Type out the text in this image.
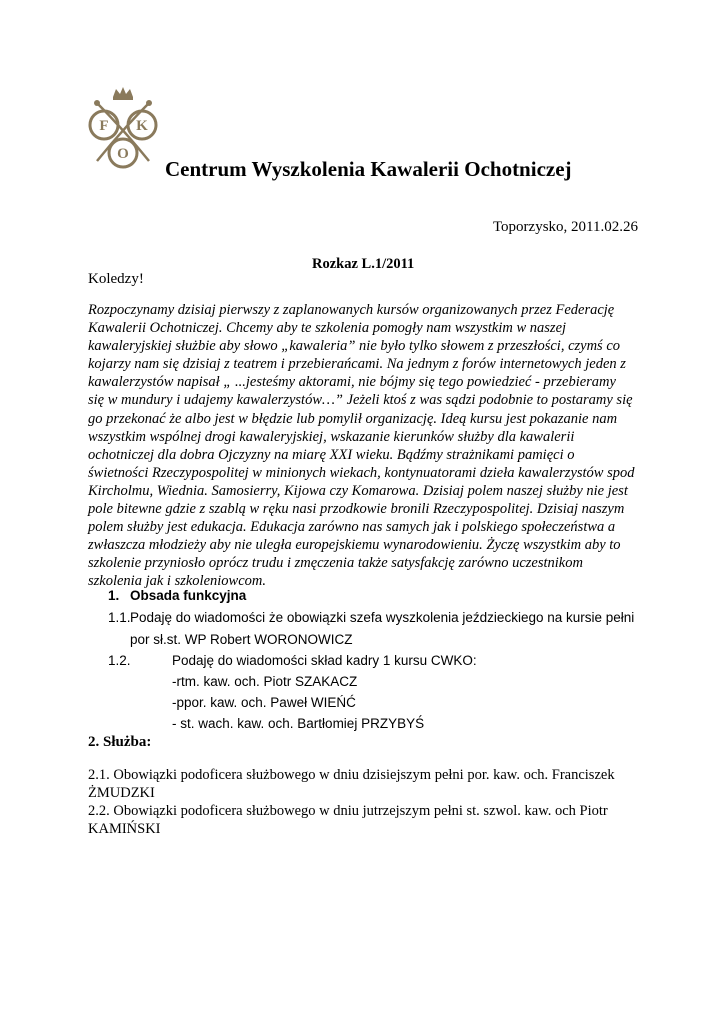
F K
O
Centrum Wyszkolenia Kawalerii Ochotniczej
Toporzysko, 2011.02.26
Rozkaz L.1/2011
Koledzy!
Rozpoczynamy dzisiaj pierwszy z zaplanowanych kursów organizowanych przez Federację
Kawalerii Ochotniczej. Chcemy aby te szkolenia pomogły nam wszystkim w naszej
kawaleryjskiej służbie aby słowo „kawaleria” nie było tylko słowem z przeszłości, czymś co
kojarzy nam się dzisiaj z teatrem i przebierańcami. Na jednym z forów internetowych jeden z
kawalerzystów napisał „ ...jesteśmy aktorami, nie bójmy się tego powiedzieć - przebieramy
się w mundury i udajemy kawalerzystów…” Jeżeli ktoś z was sądzi podobnie to postaramy się
go przekonać że albo jest w błędzie lub pomylił organizację. Ideą kursu jest pokazanie nam
wszystkim wspólnej drogi kawaleryjskiej, wskazanie kierunków służby dla kawalerii
ochotniczej dla dobra Ojczyzny na miarę XXI wieku. Bądźmy strażnikami pamięci o
świetności Rzeczypospolitej w minionych wiekach, kontynuatorami dzieła kawalerzystów spod
Kircholmu, Wiednia. Samosierry, Kijowa czy Komarowa. Dzisiaj polem naszej służby nie jest
pole bitewne gdzie z szablą w ręku nasi przodkowie bronili Rzeczypospolitej. Dzisiaj naszym
polem służby jest edukacja. Edukacja zarówno nas samych jak i polskiego społeczeństwa a
zwłaszcza młodzieży aby nie uległa europejskiemu wynarodowieniu. Życzę wszystkim aby to
szkolenie przyniosło oprócz trudu i zmęczenia także satysfakcję zarówno uczestnikom
szkolenia jak i szkoleniowcom.
1. Obsada funkcyjna
1.1. Podaję do wiadomości że obowiązki szefa wyszkolenia jeździeckiego na kursie pełni
por sł.st. WP Robert WORONOWICZ
1.2.	Podaję do wiadomości skład kadry 1 kursu CWKO:
-rtm. kaw. och. Piotr SZAKACZ
-ppor. kaw. och. Paweł WIEŃĆ
- st. wach. kaw. och. Bartłomiej PRZYBYŚ
2. Służba:
2.1. Obowiązki podoficera służbowego w dniu dzisiejszym pełni por. kaw. och. Franciszek
ŻMUDZKI
2.2. Obowiązki podoficera służbowego w dniu jutrzejszym pełni st. szwol. kaw. och Piotr
KAMIŃSKI
